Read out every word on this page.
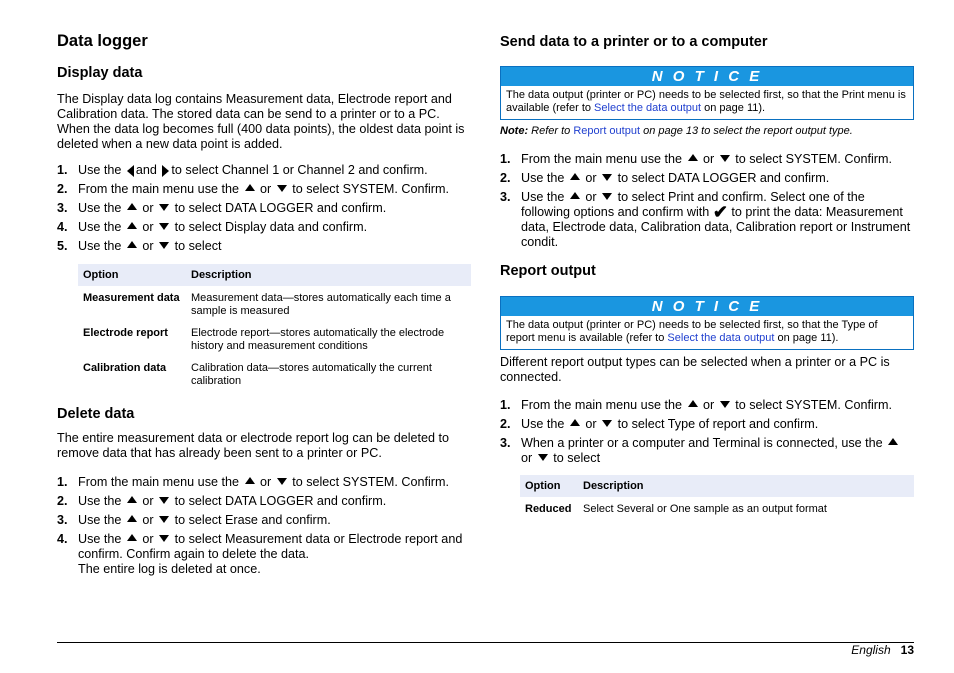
Data logger
Display data

The Display data log contains Measurement data, Electrode report and Calibration data. The stored data can be send to a printer or to a PC. When the data log becomes full (400 data points), the oldest data point is deleted when a new data point is added.

1. Use the and to select Channel 1 or Channel 2 and confirm.
2. From the main menu use the  or  to select SYSTEM. Confirm.
3. Use the  or  to select DATA LOGGER and confirm.
4. Use the  or  to select Display data and confirm.
5. Use the  or  to select
Option	Description
Measurement data	Measurement data—stores automatically each time a sample is measured
Electrode report	Electrode report—stores automatically the electrode history and measurement conditions
Calibration data	Calibration data—stores automatically the current calibration
Delete data

The entire measurement data or electrode report log can be deleted to remove data that has already been sent to a printer or PC.

1. From the main menu use the  or  to select SYSTEM. Confirm.
2. Use the  or  to select DATA LOGGER and confirm.
3. Use the  or  to select Erase and confirm.
4. Use the  or  to select Measurement data or Electrode report and confirm. Confirm again to delete the data.
The entire log is deleted at once.
Send data to a printer or to a computer
N O T I C E
The data output (printer or PC) needs to be selected first, so that the Print menu is available (refer to Select the data output on page 11).

Note: Refer to Report output on page 13 to select the report output type.

1. From the main menu use the  or  to select SYSTEM. Confirm.
2. Use the  or  to select DATA LOGGER and confirm.
3. Use the  or  to select Print and confirm. Select one of the following options and confirm with ✔ to print the data: Measurement data, Electrode data, Calibration data, Calibration report or Instrument condit.
Report output
N O T I C E
The data output (printer or PC) needs to be selected first, so that the Type of report menu is available (refer to Select the data output on page 11).

Different report output types can be selected when a printer or a PC is connected.

1. From the main menu use the  or  to select SYSTEM. Confirm.
2. Use the  or  to select Type of report and confirm.
3. When a printer or a computer and Terminal is connected, use the
or  to select
Option	Description
Reduced	Select Several or One sample as an output format
English 13
